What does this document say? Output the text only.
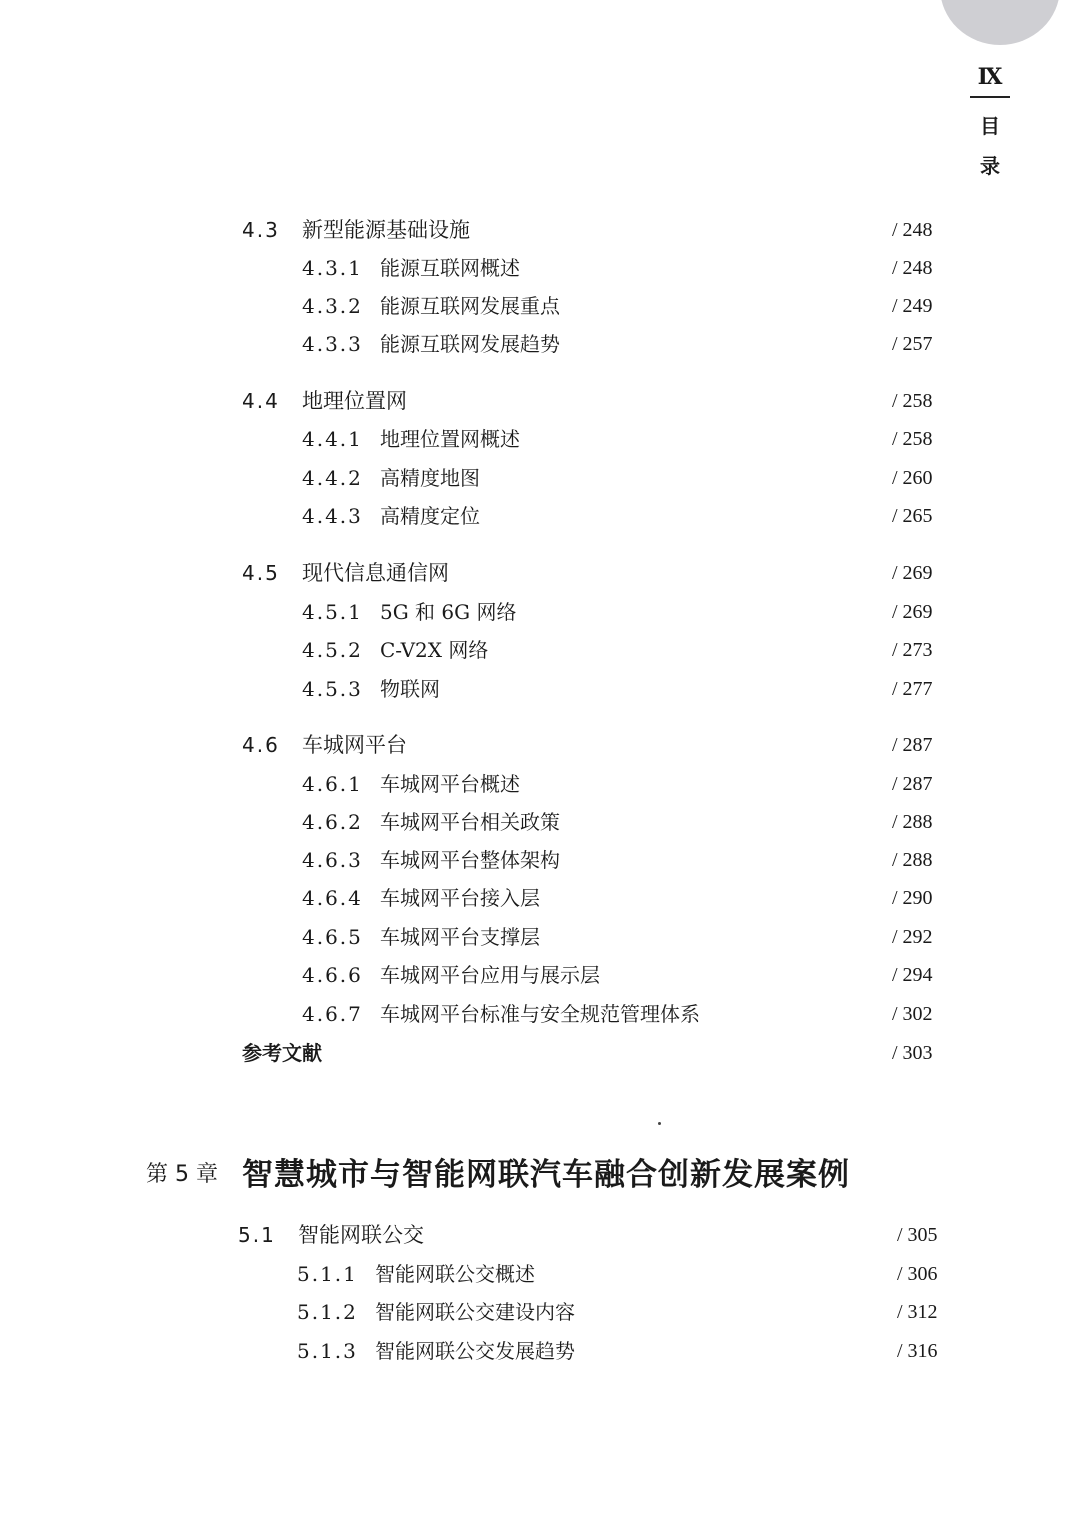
Ⅸ
目
录
4.3 新型能源基础设施	/ 248
4.3.1 能源互联网概述	/ 248
4.3.2 能源互联网发展重点	/ 249
4.3.3 能源互联网发展趋势	/ 257
4.4 地理位置网	/ 258
4.4.1 地理位置网概述	/ 258
4.4.2 高精度地图	/ 260
4.4.3 高精度定位	/ 265
4.5 现代信息通信网	/ 269
4.5.1 5G 和 6G 网络	/ 269
4.5.2 C-V2X 网络	/ 273
4.5.3 物联网	/ 277
4.6 车城网平台	/ 287
4.6.1 车城网平台概述	/ 287
4.6.2 车城网平台相关政策	/ 288
4.6.3 车城网平台整体架构	/ 288
4.6.4 车城网平台接入层	/ 290
4.6.5 车城网平台支撑层	/ 292
4.6.6 车城网平台应用与展示层	/ 294
4.6.7 车城网平台标准与安全规范管理体系	/ 302
参考文献	/ 303
第 5 章 智慧城市与智能网联汽车融合创新发展案例
5.1 智能网联公交	/ 305
5.1.1 智能网联公交概述	/ 306
5.1.2 智能网联公交建设内容	/ 312
5.1.3 智能网联公交发展趋势	/ 316
